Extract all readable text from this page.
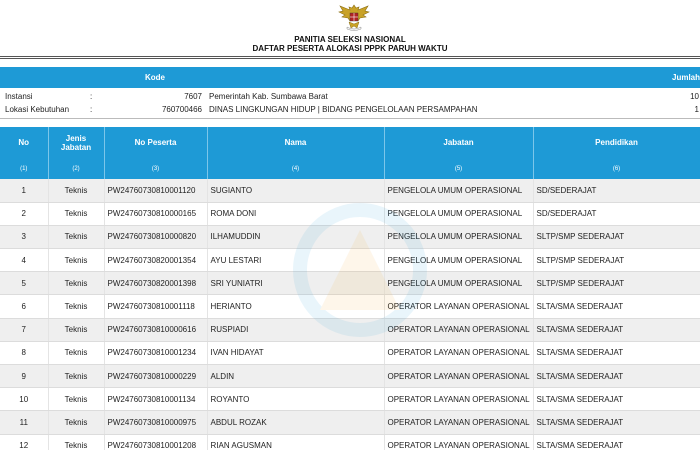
PANITIA SELEKSI NASIONAL
DAFTAR PESERTA ALOKASI PPPK PARUH WAKTU
Kode	Jumlah
Instansi	:	7607 Pemerintah Kab. Sumbawa Barat	10
Lokasi Kebutuhan	:	760700466 DINAS LINGKUNGAN HIDUP | BIDANG PENGELOLAAN PERSAMPAHAN	1
No	Jenis Jabatan	No Peserta	Nama	Jabatan	Pendidikan
(1)	(2)	(3)	(4)	(5)	(6)
1	Teknis	PW24760730810001120	SUGIANTO	PENGELOLA UMUM OPERASIONAL	SD/SEDERAJAT
2	Teknis	PW24760730810000165	ROMA DONI	PENGELOLA UMUM OPERASIONAL	SD/SEDERAJAT
3	Teknis	PW24760730810000820	ILHAMUDDIN	PENGELOLA UMUM OPERASIONAL	SLTP/SMP SEDERAJAT
4	Teknis	PW24760730820001354	AYU LESTARI	PENGELOLA UMUM OPERASIONAL	SLTP/SMP SEDERAJAT
5	Teknis	PW24760730820001398	SRI YUNIATRI	PENGELOLA UMUM OPERASIONAL	SLTP/SMP SEDERAJAT
6	Teknis	PW24760730810001118	HERIANTO	OPERATOR LAYANAN OPERASIONAL	SLTA/SMA SEDERAJAT
7	Teknis	PW24760730810000616	RUSPIADI	OPERATOR LAYANAN OPERASIONAL	SLTA/SMA SEDERAJAT
8	Teknis	PW24760730810001234	IVAN HIDAYAT	OPERATOR LAYANAN OPERASIONAL	SLTA/SMA SEDERAJAT
9	Teknis	PW24760730810000229	ALDIN	OPERATOR LAYANAN OPERASIONAL	SLTA/SMA SEDERAJAT
10	Teknis	PW24760730810001134	ROYANTO	OPERATOR LAYANAN OPERASIONAL	SLTA/SMA SEDERAJAT
11	Teknis	PW24760730810000975	ABDUL ROZAK	OPERATOR LAYANAN OPERASIONAL	SLTA/SMA SEDERAJAT
12	Teknis	PW24760730810001208	RIAN AGUSMAN	OPERATOR LAYANAN OPERASIONAL	SLTA/SMA SEDERAJAT
